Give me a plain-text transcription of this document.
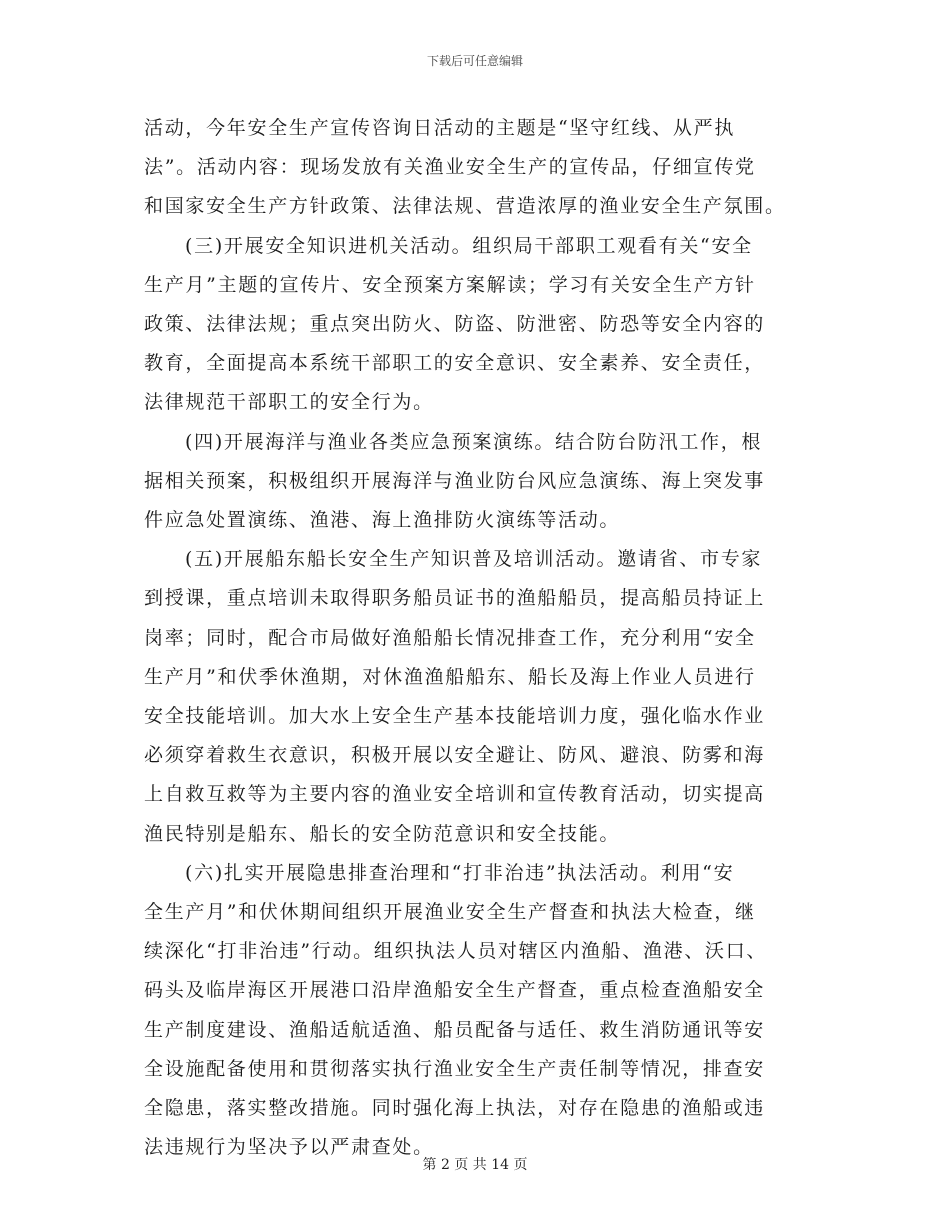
下载后可任意编辑
活动，今年安全生产宣传咨询日活动的主题是“坚守红线、从严执
法”。活动内容：现场发放有关渔业安全生产的宣传品，仔细宣传党
和国家安全生产方针政策、法律法规、营造浓厚的渔业安全生产氛围。
(三)开展安全知识进机关活动。组织局干部职工观看有关“安全
生产月”主题的宣传片、安全预案方案解读；学习有关安全生产方针
政策、法律法规；重点突出防火、防盗、防泄密、防恐等安全内容的
教育，全面提高本系统干部职工的安全意识、安全素养、安全责任，
法律规范干部职工的安全行为。
(四)开展海洋与渔业各类应急预案演练。结合防台防汛工作，根
据相关预案，积极组织开展海洋与渔业防台风应急演练、海上突发事
件应急处置演练、渔港、海上渔排防火演练等活动。
(五)开展船东船长安全生产知识普及培训活动。邀请省、市专家
到授课，重点培训未取得职务船员证书的渔船船员，提高船员持证上
岗率；同时，配合市局做好渔船船长情况排查工作，充分利用“安全
生产月”和伏季休渔期，对休渔渔船船东、船长及海上作业人员进行
安全技能培训。加大水上安全生产基本技能培训力度，强化临水作业
必须穿着救生衣意识，积极开展以安全避让、防风、避浪、防雾和海
上自救互救等为主要内容的渔业安全培训和宣传教育活动，切实提高
渔民特别是船东、船长的安全防范意识和安全技能。
(六)扎实开展隐患排查治理和“打非治违”执法活动。利用“安
全生产月”和伏休期间组织开展渔业安全生产督查和执法大检查，继
续深化“打非治违”行动。组织执法人员对辖区内渔船、渔港、沃口、
码头及临岸海区开展港口沿岸渔船安全生产督查，重点检查渔船安全
生产制度建设、渔船适航适渔、船员配备与适任、救生消防通讯等安
全设施配备使用和贯彻落实执行渔业安全生产责任制等情况，排查安
全隐患，落实整改措施。同时强化海上执法，对存在隐患的渔船或违
法违规行为坚决予以严肃查处。
第 2 页 共 14 页
